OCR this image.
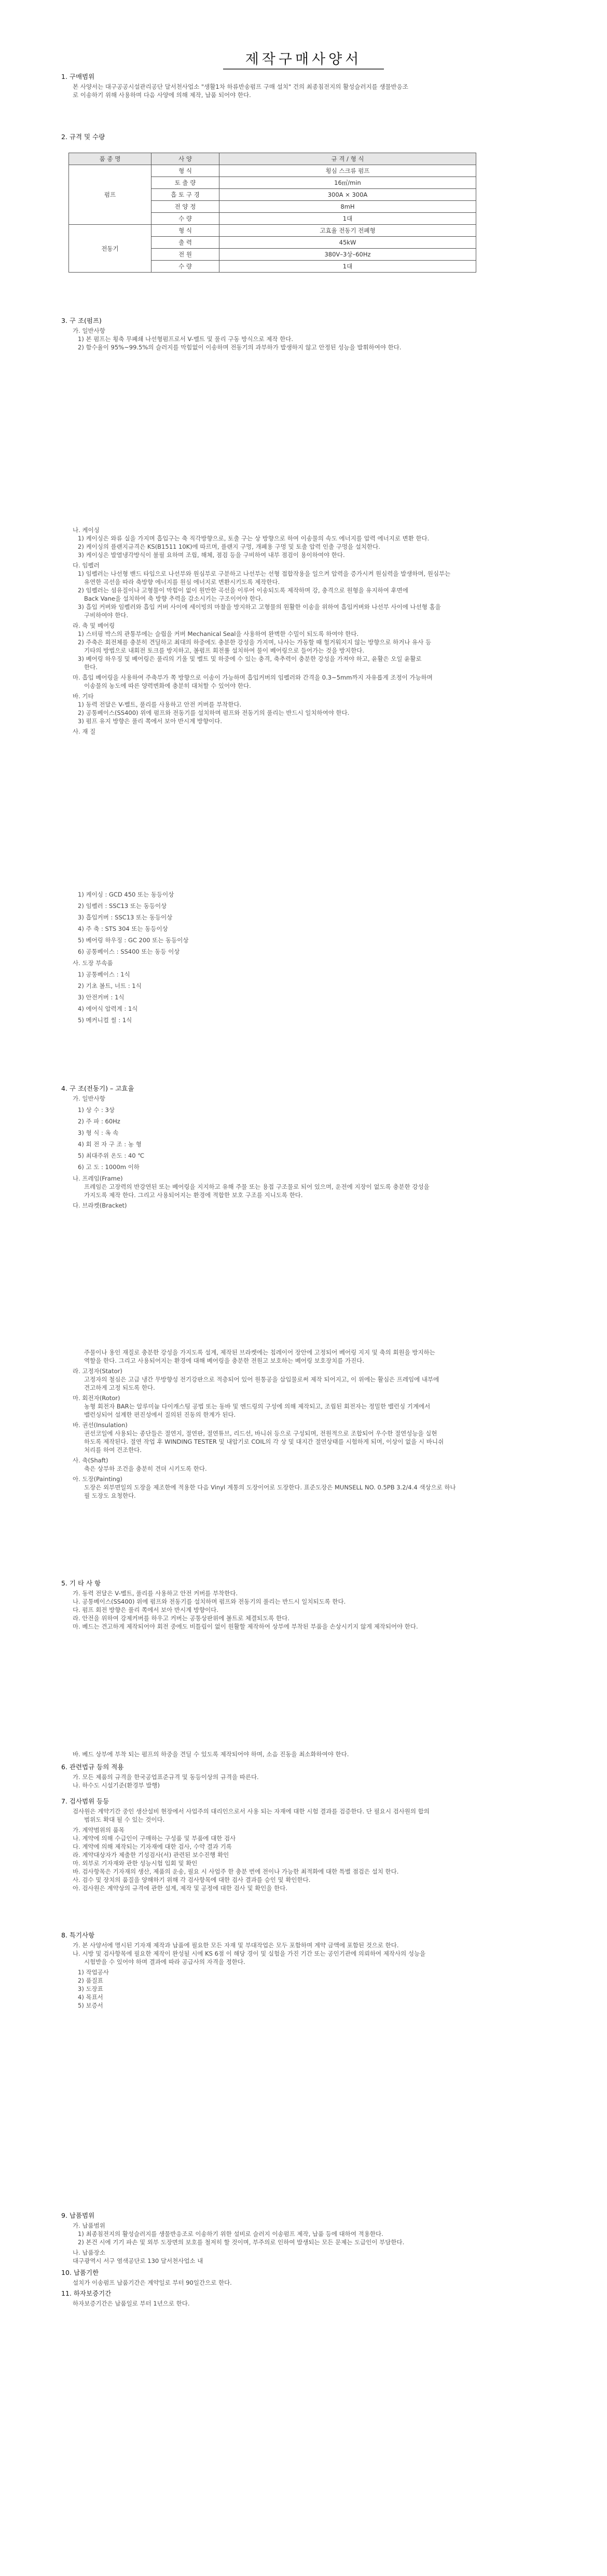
제작구매사양서
1. 구매범위
2. 규격 및 수량
3. 구 조(펌프)
4. 구 조(전동기) – 고효율
5. 기 타 사 항
6. 관련법규 등의 적용
7. 검사범위 등등
8. 특기사항
9. 납품범위
10. 납품기한
11. 하자보증기간
본 사양서는 대구공공시설관리공단 달서천사업소 "생활1차 하류반송펌프 구매 설치" 건의 최종침전지의 활성슬러지를 생물반응조
로 이송하기 위해 사용하며 다음 사양에 의해 제작, 납품 되어야 한다.
가. 일반사항
1) 본 펌프는 횡축 무폐쇄 나선형펌프로서 V-벨트 및 풀리 구동 방식으로 제작 한다.
2) 함수율이 95%~99.5%의 슬러지를 막힘없이 이송하며 전동기의 과부하가 발생하지 않고 안정된 성능을 발휘하여야 한다.
나. 케이싱
1) 케이싱은 와류 실을 가지며 흡입구는 축 직각방향으로, 토출 구는 상 방향으로 하여 이송물의 속도 에너지를 압력 에너지로 변환 한다.
2) 케이싱의 플랜지규격은 KS(B1511 10K)에 따르며, 플랜지 구멍, 개폐용 구멍 및 토출 압력 인출 구멍을 설치한다.
3) 케이싱은 발열냉각방식이 불필 요하며 조립, 해체, 점검 등을 구비하여 내부 점검이 용이하여야 한다.
다. 임펠러
1) 임펠러는 나선형 밴드 타입으로 나선부와 원심부로 구분하고 나선부는 선형 접합작용을 일으켜 압력을 증가시켜 원심력을 발생하며, 원심부는
유연한 곡선을 따라 축방향 에너지를 원심 에너지로 변환시키도록 제작한다.
2) 임펠러는 섬유질이나 고형물이 막힘이 없이 원만한 곡선을 이루어 이송되도록 제작하며 강, 충격으로 원형을 유지하여 후면에
Back Vane을 설치하여 축 방향 추력을 감소시키는 구조이어야 한다.
3) 흡입 커버와 임펠러와 흡입 커버 사이에 세이빙의 마찰을 방지하고 고형물의 원활한 이송을 위하여 흡입커버와 나선부 사이에 나선형 홈을
구비하여야 한다.
라. 축 및 베어링
1) 스터핑 박스의 관통부에는 슬립을 커버 Mechanical Seal을 사용하여 완벽한 수밀이 되도록 하여야 한다.
2) 주축은 회전체를 충분히 견딜하고 최대의 하중에도 충분한 강성을 가지며, 나사는 가동할 때 헐거워지지 않는 방향으로 하거나 유사 등
기타의 방법으로 내회전 토크를 방지하고, 볼펌프 회전률 설치하여 물이 베어링으로 들어가는 것을 방지한다.
3) 베어링 하우징 및 베어링은 풀리의 기울 및 벨트 및 하중에 수 있는 충격, 축추력이 충분한 강성을 가져야 하고, 윤활은 오일 윤활로
한다.
마. 흡입 베어링을 사용하여 주축부가 쪽 방향으로 이송이 가능하며 흡입커버의 임펠러와 간격을 0.3~5mm까지 자유롭게 조정이 가능하며
이송물의 농도에 따른 양력변화에 충분히 대처할 수 있어야 한다.
바. 기타
1) 동력 전달은 V-벨트, 풀리를 사용하고 안전 커버를 부착한다.
2) 공통베이스(SS400) 위에 펌프와 전동기를 설치하며 펌프와 전동기의 풀리는 반드시 일치하여야 한다.
3) 펌프 유지 방향은 풀리 쪽에서 보아 반시계 방향이다.
사. 재 질
1) 케이싱 : GCD 450 또는 동등이상
2) 임펠러 : SSC13 또는 동등이상
3) 흡입커버 : SSC13 또는 동등이상
4) 주 축 : STS 304 또는 동등이상
5) 베어링 하우징 : GC 200 또는 동등이상
6) 공통베이스 : SS400 또는 동등 이상
사. 도장 부속품
1) 공통베이스 : 1식
2) 기초 볼트, 너트 : 1식
3) 안전커버 : 1식
4) 에어식 압력계 : 1식
5) 메커니컬 씰 : 1식
가. 일반사항
1) 상 수 : 3상
2) 주 파 : 60Hz
3) 형 식 : 옥 속
4) 회 전 자 구 조 : 농 형
5) 최대주위 온도 : 40 ℃
6) 고 도 : 1000m 이하
나. 프레임(Frame)
프레임은 고장력의 반강연된 또는 베어링을 지지하고 유해 주물 또는 용접 구조물로 되어 있으며, 운전에 지장이 없도록 충분한 강성을
가지도록 제작 한다. 그리고 사용되어지는 환경에 적합한 보호 구조를 지니도록 한다.
다. 브라켓(Bracket)
주물이나 용인 재질로 충분한 강성을 가지도록 설계, 제작된 브라켓에는 칩레이어 장안에 고정되어 베어링 지지 및 축의 회원을 방지하는
역할을 한다. 그리고 사용되어지는 환경에 대해 베어링을 충분한 전원고 보호하는 베어링 보호장치를 가진다.
라. 고정자(Stator)
고정자의 철심은 고급 냉간 무방향성 전기강판으로 적층되어 있어 원통공을 삽입물로써 제작 되어지고, 이 위에는 활심은 프레임에 내부에
견고하게 고정 되도록 한다.
마. 회전자(Rotor)
농형 회전자 BAR는 알루미늄 다이캐스팅 공법 또는 동바 및 엔드링의 구성에 의해 제작되고, 조립된 회전자는 정밀한 밸런싱 기계에서
밸런싱되어 설계한 편진성에서 질의된 진동의 한계가 된다.
바. 권선(Insulation)
권선코일에 사용되는 종단들은 절연지, 절연판, 절연튜브, 리드선, 바니쉬 등으로 구성되며, 전원적으로 조합되어 우수한 절연성능을 실현
하도록 제작된다. 절연 작업 후 WINDING TESTER 및 내압기로 COIL의 각 상 및 대지간 절연상태를 시험하게 되며, 이상이 없을 시 바니쉬
처리를 하여 건조한다.
사. 축(Shaft)
축은 상부하 조건을 충분히 견뎌 시키도록 한다.
아. 도장(Painting)
도장은 외부면일의 도장을 제조한에 적용한 다음 Vinyl 계통의 도장이어로 도장한다. 표준도장은 MUNSELL NO. 0.5PB 3.2/4.4 색상으로 하나
필 도장도 요청한다.
가. 동력 전달은 V-벨트, 풀리를 사용하고 안전 커버를 부착한다.
나. 공통베이스(SS400) 위에 펌프와 전동기를 설치하며 펌프와 전동기의 풀리는 반드시 일치되도록 한다.
다. 펌프 회전 방향은 풀리 쪽에서 보아 반시계 방향이다.
라. 안전을 위하여 강제커버를 하우고 커버는 공통상판위에 볼트로 체결되도록 한다.
마. 베드는 견고하게 제작되어야 회전 중에도 비틀림이 없이 원활할 제작하여 상부에 부착된 부품을 손상시키지 않게 제작되어야 한다.
바. 베드 상부에 부착 되는 펌프의 하중을 견딜 수 있도록 제작되어야 하며, 소음 진동을 최소화하여야 한다.
가. 모든 제품의 규격을 한국공업표준규격 및 동등이상의 규격을 따른다.
나. 하수도 시설기준(환경부 발행)
검사원은 계약기간 중인 생산설비 현장에서 사업주의 대리인으로서 사용 되는 자재에 대한 시험 결과를 검증한다. 단 필요시 검사원의 합의
범위도 확대 될 수 있는 것이다.
가. 계약범위의 품목
나. 계약에 의해 수급인이 구매하는 구성품 및 부품에 대한 검사
다. 계약에 의해 제작되는 기자재에 대한 검사, 수약 결과 기록
라. 계약대상자가 제출한 기성검사(서) 관련된 보수진행 확인
마. 외부로 기자재와 관한 성능시험 입회 및 확인
바. 검사항목은 기자재의 생산, 제품의 운송, 필요 시 사업주 한 충분 번에 전이나 가능한 최적화에 대한 특별 점검은 설치 한다.
사. 검수 및 장치의 품질을 양해하기 위해 각 검사항목에 대한 검사 결과를 승인 및 확인한다.
아. 검사원은 계약상의 규격에 관한 설계, 제작 및 공정에 대한 검사 및 확인을 한다.
가. 본 사양서에 명시된 기자재 제작과 납품에 필요한 모든 자재 및 부대작업은 모두 포함하며 계약 금액에 포함된 것으로 한다.
나. 시방 및 검사항목에 필요한 제작이 완성될 시에 KS 6점 이 해당 경이 및 실험을 가진 기간 또는 공인기관에 의뢰하여 제작사의 성능을
시험받을 수 있어야 하며 결과에 따라 공급사의 자격을 정한다.
1) 작업공사
2) 품질표
3) 도장표
4) 목표서
5) 보증서
가. 납품범위
1) 최종침전지의 활성슬러지를 생물반응조로 이송하기 위한 설비로 슬러지 이송펌프 제작, 납품 등에 대하여 적용한다.
2) 본건 시에 기기 파손 및 외부 도장면의 보호를 철저히 할 것이며, 부주의로 인하여 발생되는 모든 문제는 도급인이 부담한다.
나. 납품장소
대구광역시 서구 염색공단로 130 달서천사업소 내
설치가 이송펌프 납품기간은 계약일로 부터 90일간으로 한다.
하자보증기간은 납품일로 부터 1년으로 한다.
품 종 명	사 양	규 격 / 형 식
펌프	형 식	횡심 스크류 펌프
	토 출 량	16㎥/min
	흡 토 구 경	300A × 300A
	전 양 정	8mH
	수 량	1대
전동기	형 식	고효율 전동기 전폐형
	출 력	45kW
	전 원	380V–3상–60Hz
	수 량	1대
